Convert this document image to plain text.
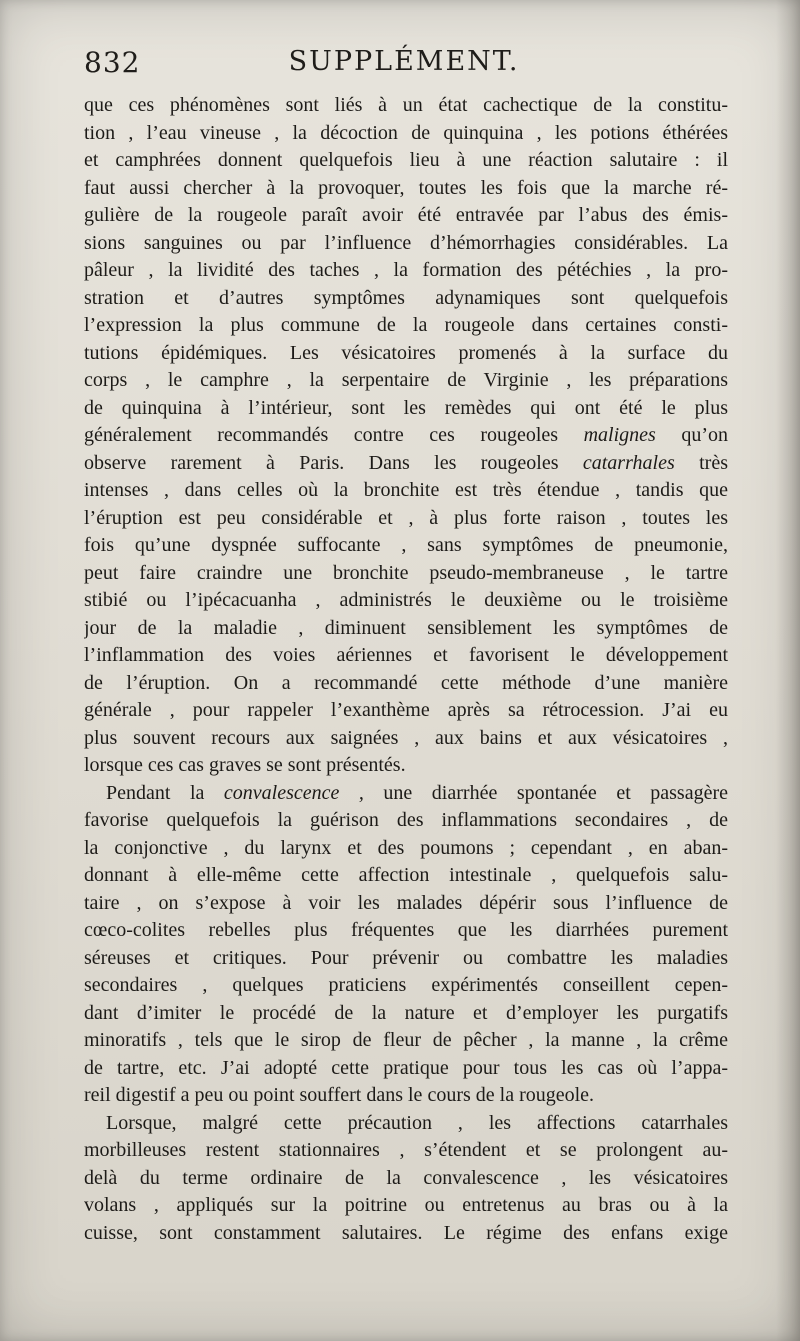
832	SUPPLÉMENT.
que ces phénomènes sont liés à un état cachectique de la constitu-
tion , l’eau vineuse , la décoction de quinquina , les potions éthérées
et camphrées donnent quelquefois lieu à une réaction salutaire : il
faut aussi chercher à la provoquer, toutes les fois que la marche ré-
gulière de la rougeole paraît avoir été entravée par l’abus des émis-
sions sanguines ou par l’influence d’hémorrhagies considérables. La
pâleur , la lividité des taches , la formation des pétéchies , la pro-
stration et d’autres symptômes adynamiques sont quelquefois
l’expression la plus commune de la rougeole dans certaines consti-
tutions épidémiques. Les vésicatoires promenés à la surface du
corps , le camphre , la serpentaire de Virginie , les préparations
de quinquina à l’intérieur, sont les remèdes qui ont été le plus
généralement recommandés contre ces rougeoles malignes qu’on
observe rarement à Paris. Dans les rougeoles catarrhales très
intenses , dans celles où la bronchite est très étendue , tandis que
l’éruption est peu considérable et , à plus forte raison , toutes les
fois qu’une dyspnée suffocante , sans symptômes de pneumonie,
peut faire craindre une bronchite pseudo-membraneuse , le tartre
stibié ou l’ipécacuanha , administrés le deuxième ou le troisième
jour de la maladie , diminuent sensiblement les symptômes de
l’inflammation des voies aériennes et favorisent le développement
de l’éruption. On a recommandé cette méthode d’une manière
générale , pour rappeler l’exanthème après sa rétrocession. J’ai eu
plus souvent recours aux saignées , aux bains et aux vésicatoires ,
lorsque ces cas graves se sont présentés.
Pendant la convalescence , une diarrhée spontanée et passagère
favorise quelquefois la guérison des inflammations secondaires , de
la conjonctive , du larynx et des poumons ; cependant , en aban-
donnant à elle-même cette affection intestinale , quelquefois salu-
taire , on s’expose à voir les malades dépérir sous l’influence de
cœco-colites rebelles plus fréquentes que les diarrhées purement
séreuses et critiques. Pour prévenir ou combattre les maladies
secondaires , quelques praticiens expérimentés conseillent cepen-
dant d’imiter le procédé de la nature et d’employer les purgatifs
minoratifs , tels que le sirop de fleur de pêcher , la manne , la crême
de tartre, etc. J’ai adopté cette pratique pour tous les cas où l’appa-
reil digestif a peu ou point souffert dans le cours de la rougeole.
Lorsque, malgré cette précaution , les affections catarrhales
morbilleuses restent stationnaires , s’étendent et se prolongent au-
delà du terme ordinaire de la convalescence , les vésicatoires
volans , appliqués sur la poitrine ou entretenus au bras ou à la
cuisse, sont constamment salutaires. Le régime des enfans exige
